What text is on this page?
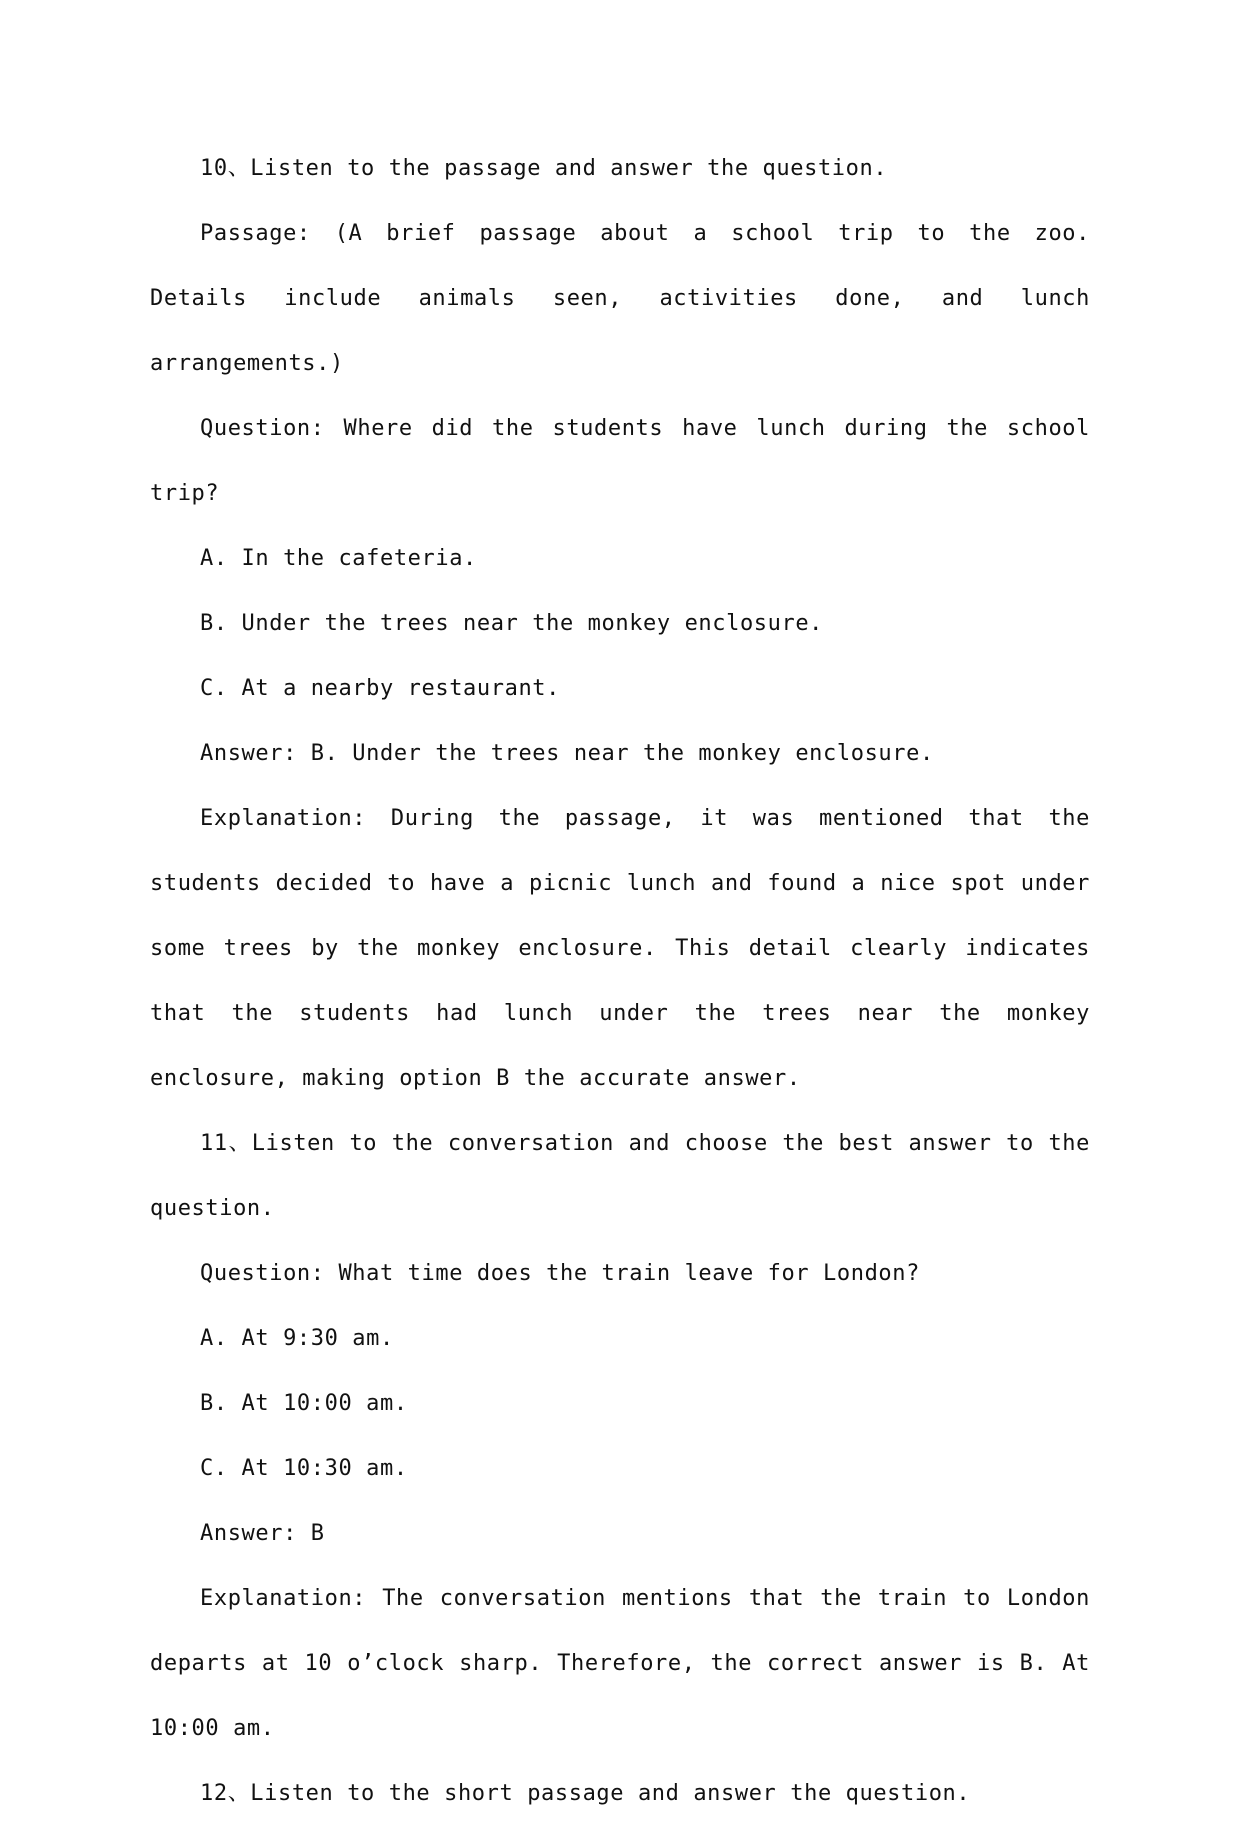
10、Listen to the passage and answer the question.

Passage: (A brief passage about a school trip to the zoo. Details include animals seen, activities done, and lunch arrangements.)

Question: Where did the students have lunch during the school trip?

A. In the cafeteria.

B. Under the trees near the monkey enclosure.

C. At a nearby restaurant.

Answer: B. Under the trees near the monkey enclosure.

Explanation: During the passage, it was mentioned that the students decided to have a picnic lunch and found a nice spot under some trees by the monkey enclosure. This detail clearly indicates that the students had lunch under the trees near the monkey enclosure, making option B the accurate answer.

11、Listen to the conversation and choose the best answer to the question.

Question: What time does the train leave for London?

A. At 9:30 am.

B. At 10:00 am.

C. At 10:30 am.

Answer: B

Explanation: The conversation mentions that the train to London departs at 10 o’clock sharp. Therefore, the correct answer is B. At 10:00 am.

12、Listen to the short passage and answer the question.
